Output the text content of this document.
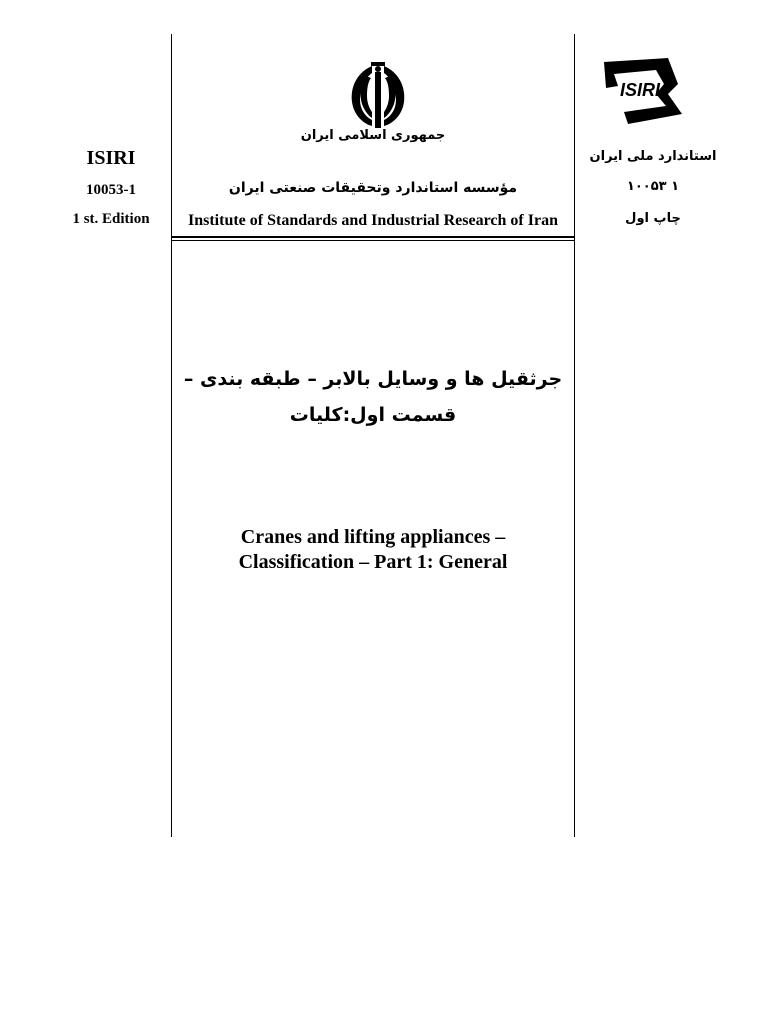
ISIRI
10053-1
1 st. Edition
جمهوری اسلامی ایران
مؤسسه استاندارد وتحقیقات صنعتی ایران
Institute of Standards and Industrial Research of Iran
ISIRI
استاندارد ملی ایران
۱ ۱۰۰۵۳
چاپ اول
جرثقیل ها و وسایل بالابر – طبقه بندی –
قسمت اول:کلیات
Cranes and lifting appliances –
Classification – Part 1: General
